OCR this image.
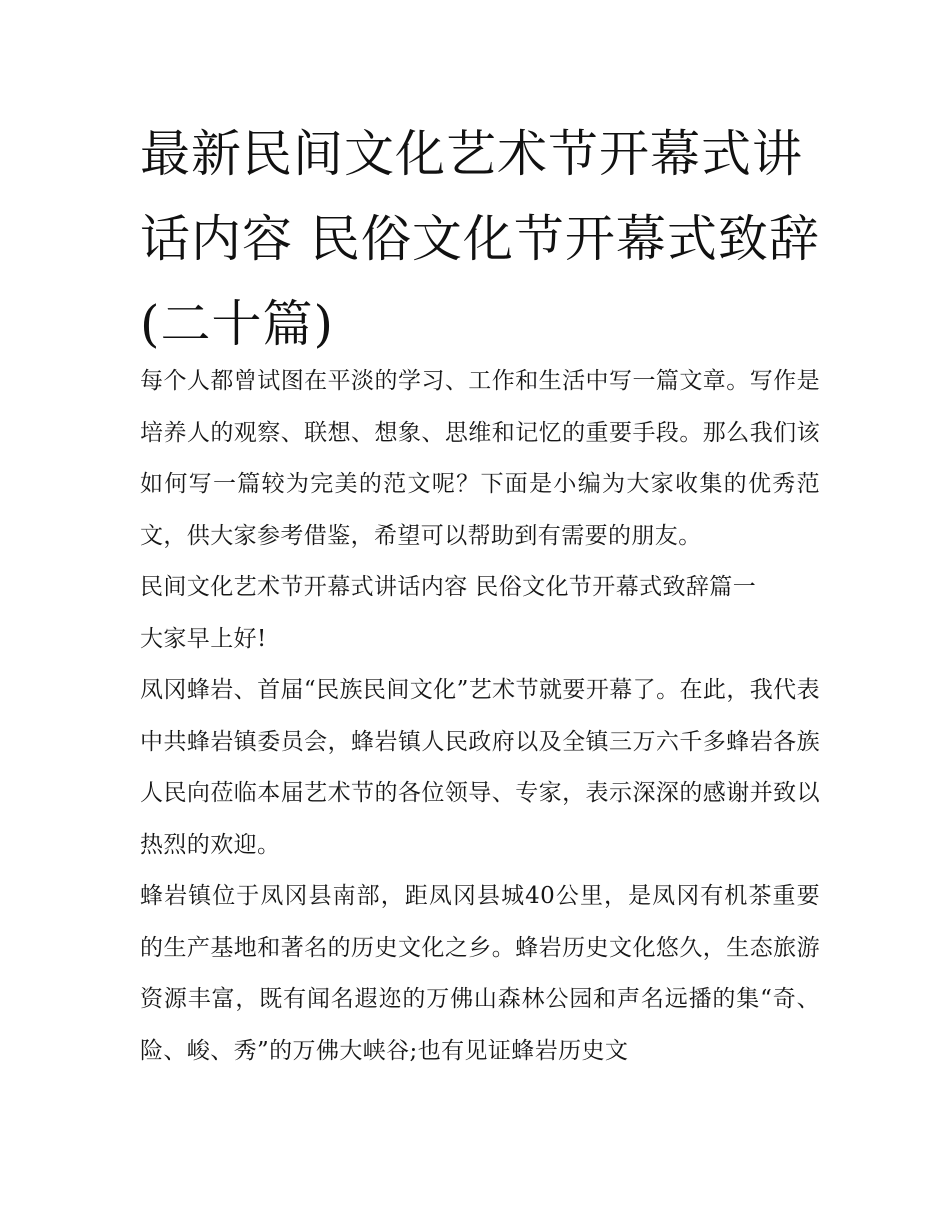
最新民间文化艺术节开幕式讲话内容 民俗文化节开幕式致辞(二十篇)

每个人都曾试图在平淡的学习、工作和生活中写一篇文章。写作是培养人的观察、联想、想象、思维和记忆的重要手段。那么我们该如何写一篇较为完美的范文呢？下面是小编为大家收集的优秀范文，供大家参考借鉴，希望可以帮助到有需要的朋友。

民间文化艺术节开幕式讲话内容 民俗文化节开幕式致辞篇一

大家早上好!

凤冈蜂岩、首届“民族民间文化”艺术节就要开幕了。在此，我代表中共蜂岩镇委员会，蜂岩镇人民政府以及全镇三万六千多蜂岩各族人民向莅临本届艺术节的各位领导、专家，表示深深的感谢并致以热烈的欢迎。

蜂岩镇位于凤冈县南部，距凤冈县城40公里，是凤冈有机茶重要的生产基地和著名的历史文化之乡。蜂岩历史文化悠久，生态旅游资源丰富，既有闻名遐迩的万佛山森林公园和声名远播的集“奇、险、峻、秀”的万佛大峡谷;也有见证蜂岩历史文
